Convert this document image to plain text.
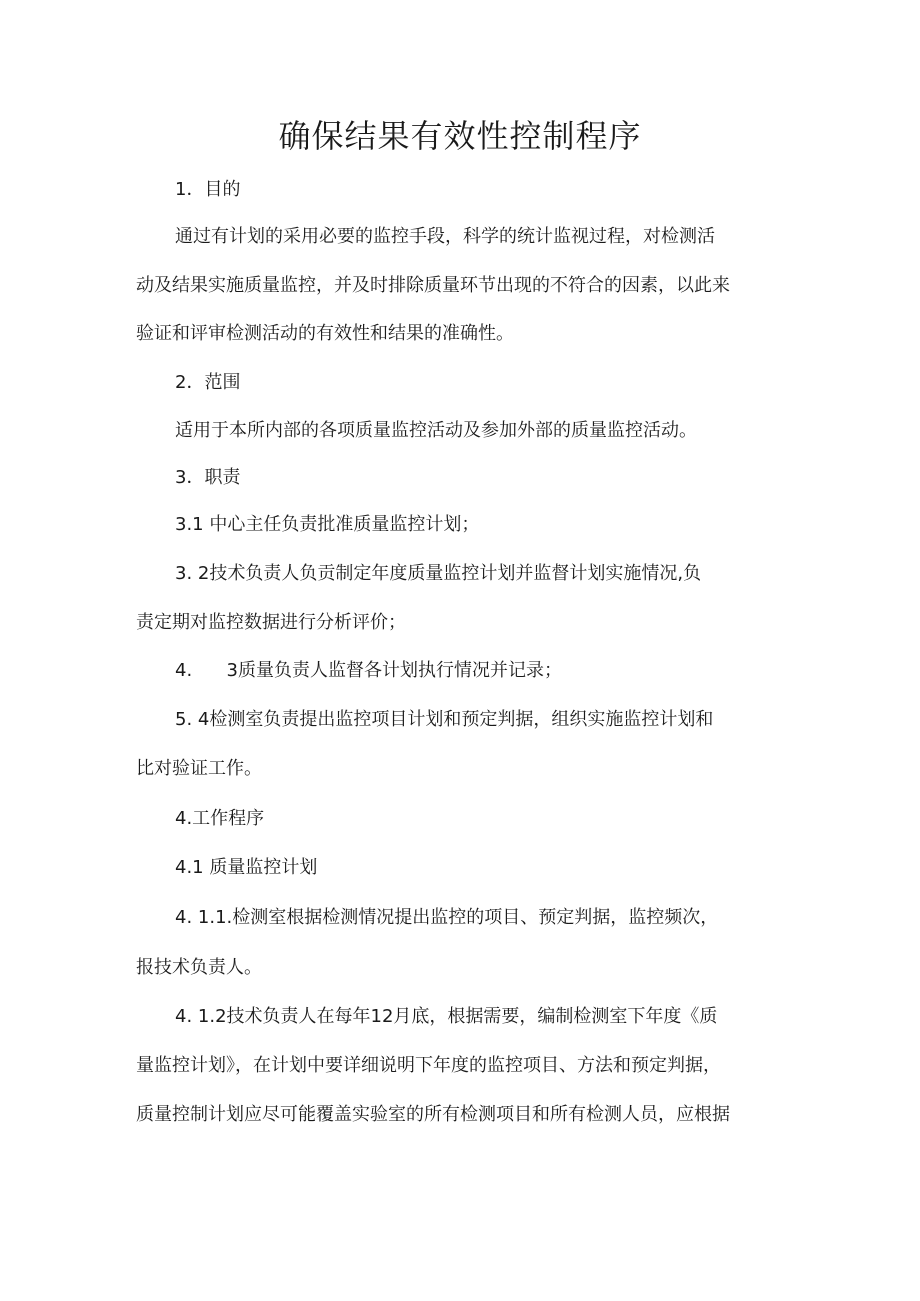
确保结果有效性控制程序
1．目的
通过有计划的采用必要的监控手段，科学的统计监视过程，对检测活
动及结果实施质量监控，并及时排除质量环节出现的不符合的因素，以此来
验证和评审检测活动的有效性和结果的准确性。
2．范围
适用于本所内部的各项质量监控活动及参加外部的质量监控活动。
3．职责
3.1 中心主任负责批准质量监控计划；
3. 2技术负责人负贡制定年度质量监控计划并监督计划实施情况,负
责定期对监控数据进行分析评价；
4.      3质量负责人监督各计划执行情况并记录；
5. 4检测室负责提出监控项目计划和预定判据，组织实施监控计划和
比对验证工作。
4.工作程序
4.1 质量监控计划
4. 1.1.检测室根据检测情况提出监控的项目、预定判据，监控频次，
报技术负责人。
4. 1.2技术负责人在每年12月底，根据需要，编制检测室下年度《质
量监控计划》，在计划中要详细说明下年度的监控项目、方法和预定判据，
质量控制计划应尽可能覆盖实验室的所有检测项目和所有检测人员，应根据
